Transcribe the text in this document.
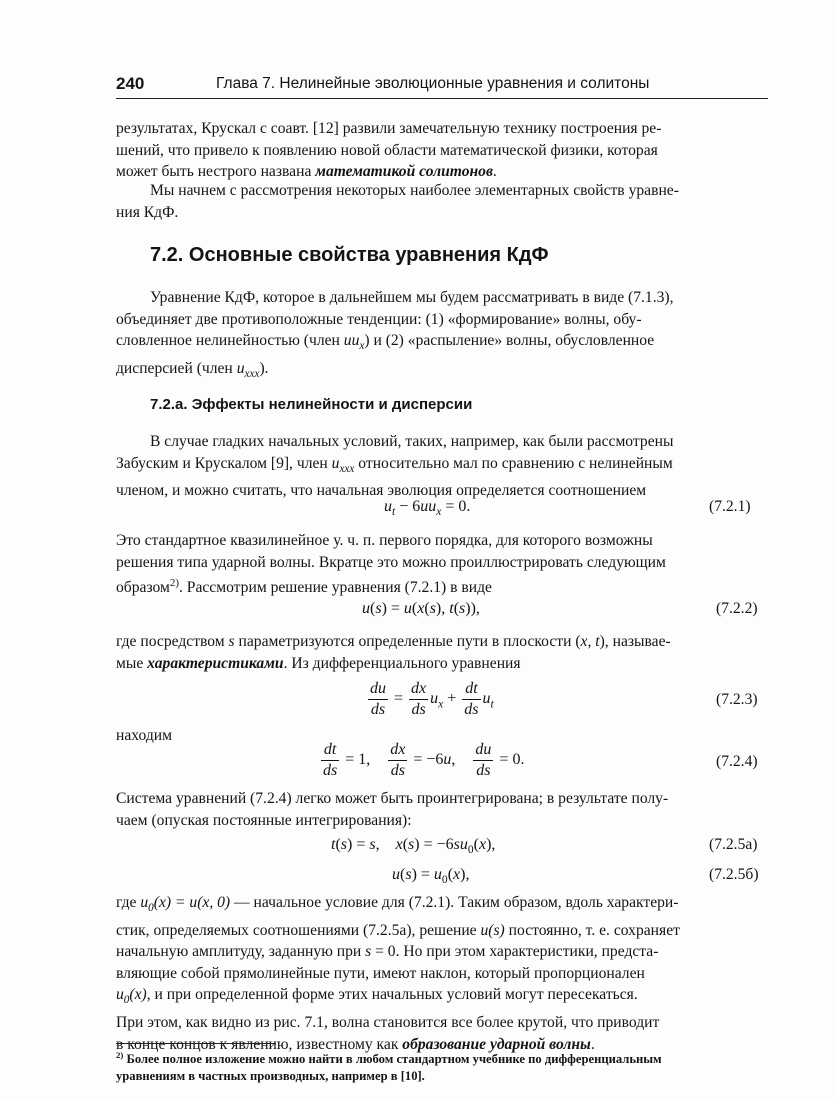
240	Глава 7. Нелинейные эволюционные уравнения и солитоны
результатах, Крускал с соавт. [12] развили замечательную технику построения ре-
шений, что привело к появлению новой области математической физики, которая
может быть нестрого названа математикой солитонов.
Мы начнем с рассмотрения некоторых наиболее элементарных свойств уравне-
ния КдФ.
7.2. Основные свойства уравнения КдФ
Уравнение КдФ, которое в дальнейшем мы будем рассматривать в виде (7.1.3),
объединяет две противоположные тенденции: (1) «формирование» волны, обу-
словленное нелинейностью (член $uu_x$) и (2) «распыление» волны, обусловленное
дисперсией (член $u_{xxx}$).
7.2.a. Эффекты нелинейности и дисперсии
В случае гладких начальных условий, таких, например, как были рассмотрены
Забуским и Крускалом [9], член $u_{xxx}$ относительно мал по сравнению с нелинейным
членом, и можно считать, что начальная эволюция определяется соотношением
$u_t - 6uu_x = 0$.	(7.2.1)
Это стандартное квазилинейное у. ч. п. первого порядка, для которого возможны
решения типа ударной волны. Вкратце это можно проиллюстрировать следующим
образом$^{2)}$. Рассмотрим решение уравнения (7.2.1) в виде
u(s) = u(x(s), t(s)),	(7.2.2)
где посредством s параметризуются определенные пути в плоскости (x, t), называе-
мые характеристиками. Из дифференциального уравнения
$\frac{du}{ds} = \frac{dx}{ds} u_x + \frac{dt}{ds} u_t$	(7.2.3)
находим
$\frac{dt}{ds} = 1$, $\frac{dx}{ds} = -6u$, $\frac{du}{ds} = 0$.	(7.2.4)
Система уравнений (7.2.4) легко может быть проинтегрирована; в результате полу-
чаем (опуская постоянные интегрирования):
t(s) = s,    $x(s) = -6su_0(x)$,	(7.2.5a)
$u(s) = u_0(x)$,	(7.2.5б)
где $u_0(x) = u(x$, 0) — начальное условие для (7.2.1). Таким образом, вдоль характери-
стик, определяемых соотношениями (7.2.5а), решение u(s) постоянно, т. е. сохраняет
начальную амплитуду, заданную при s = 0. Но при этом характеристики, предста-
вляющие собой прямолинейные пути, имеют наклон, который пропорционален
$u_0(x)$, и при определенной форме этих начальных условий могут пересекаться.
При этом, как видно из рис. 7.1, волна становится все более крутой, что приводит
в конце концов к явлению, известному как образование ударной волны.
$^{2)}$ Более полное изложение можно найти в любом стандартном учебнике по дифференциальным
уравнениям в частных производных, например в [10].
